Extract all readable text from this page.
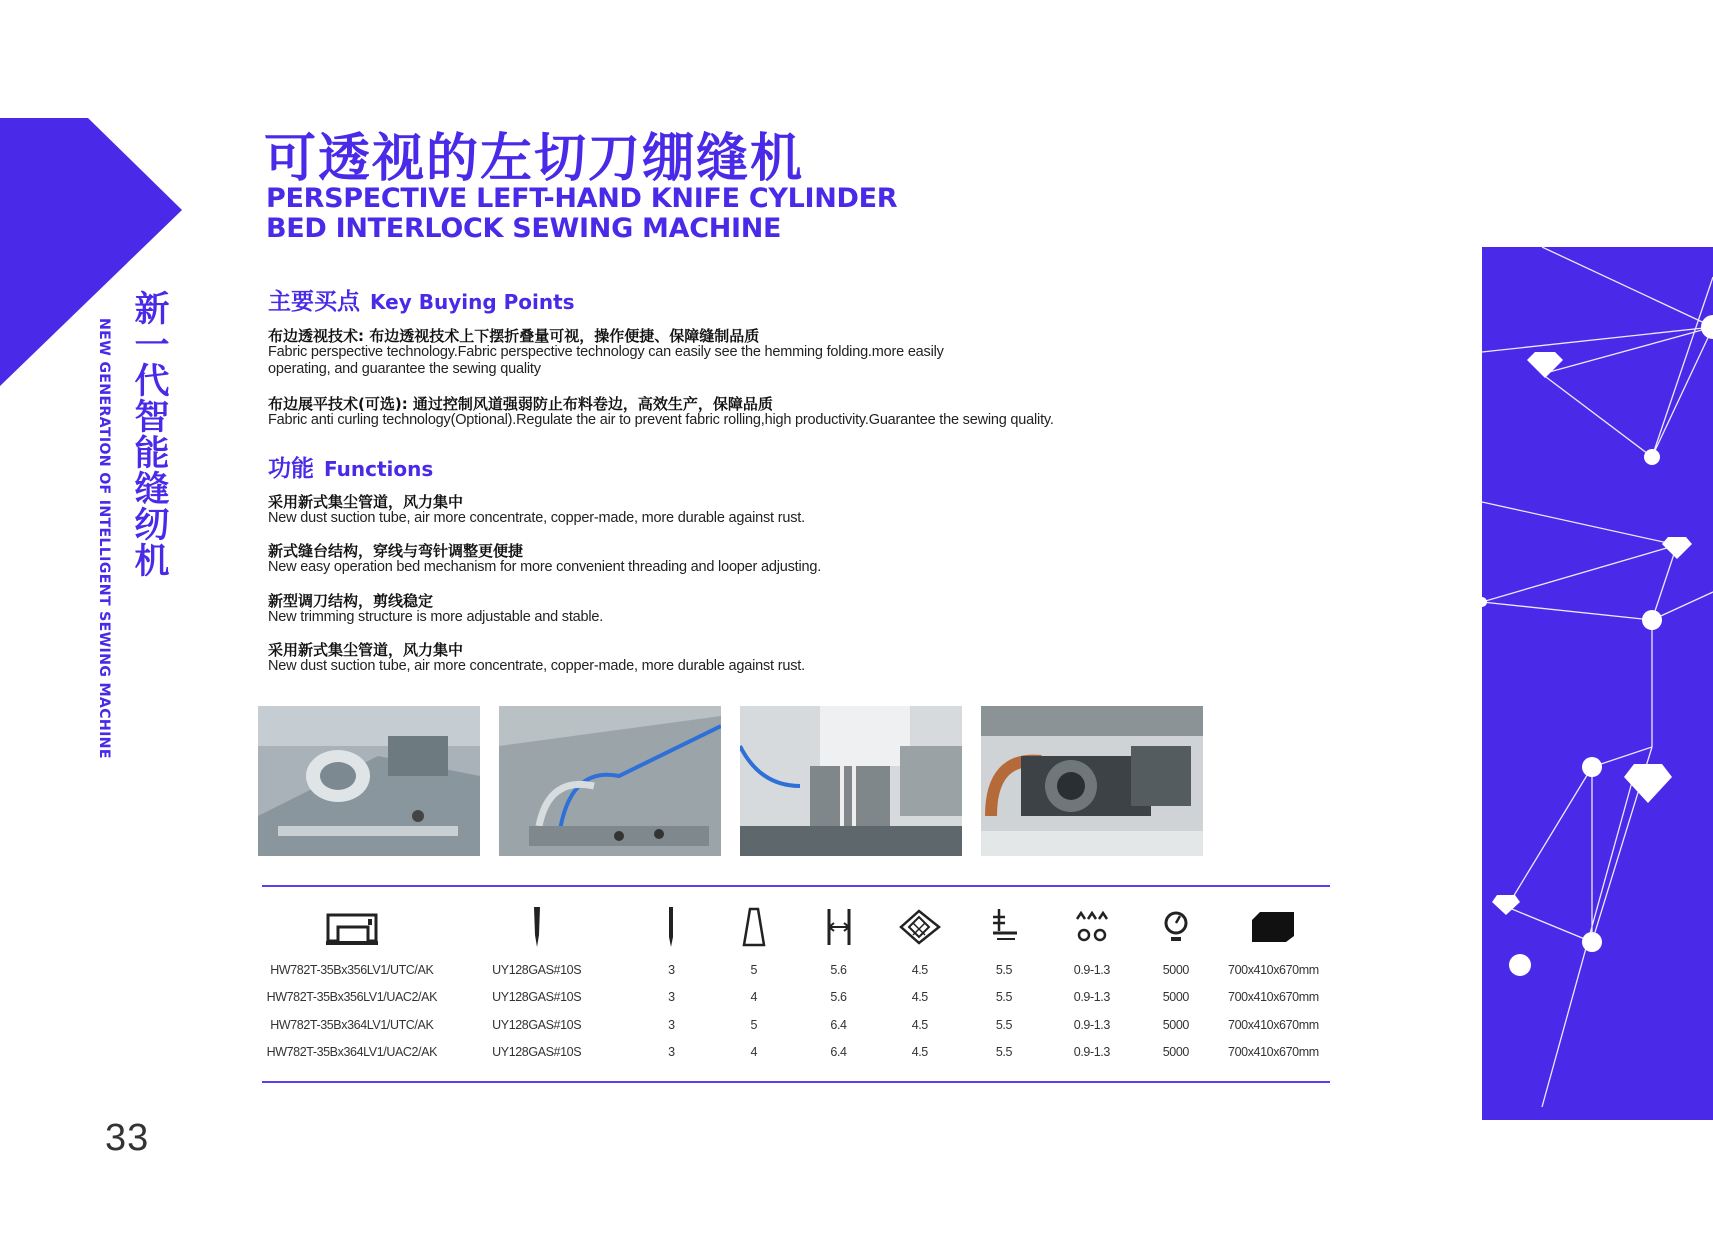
新一代智能缝纫机
NEW GENERATION OF INTELLIGENT SEWING MACHINE
33
可透视的左切刀绷缝机
PERSPECTIVE LEFT-HAND KNIFE CYLINDER
BED INTERLOCK SEWING MACHINE
主要买点 Key Buying Points
布边透视技术: 布边透视技术上下摆折叠量可视，操作便捷、保障缝制品质
Fabric perspective technology.Fabric perspective technology can easily see the hemming folding.more easily
operating, and guarantee the sewing quality
布边展平技术(可选): 通过控制风道强弱防止布料卷边，高效生产，保障品质
Fabric anti curling technology(Optional).Regulate the air to prevent fabric rolling,high productivity.Guarantee the sewing quality.
功能 Functions
采用新式集尘管道，风力集中
New dust suction tube, air more concentrate, copper-made, more durable against rust.
新式缝台结构，穿线与弯针调整更便捷
New easy operation bed mechanism for more convenient threading and looper adjusting.
新型调刀结构，剪线稳定
New trimming structure is more adjustable and stable.
采用新式集尘管道，风力集中
New dust suction tube, air more concentrate, copper-made, more durable against rust.

HW782T-35Bx356LV1/UTC/AK	UY128GAS#10S	3	5	5.6	4.5	5.5	0.9-1.3	5000	700x410x670mm
HW782T-35Bx356LV1/UAC2/AK	UY128GAS#10S	3	4	5.6	4.5	5.5	0.9-1.3	5000	700x410x670mm
HW782T-35Bx364LV1/UTC/AK	UY128GAS#10S	3	5	6.4	4.5	5.5	0.9-1.3	5000	700x410x670mm
HW782T-35Bx364LV1/UAC2/AK	UY128GAS#10S	3	4	6.4	4.5	5.5	0.9-1.3	5000	700x410x670mm
